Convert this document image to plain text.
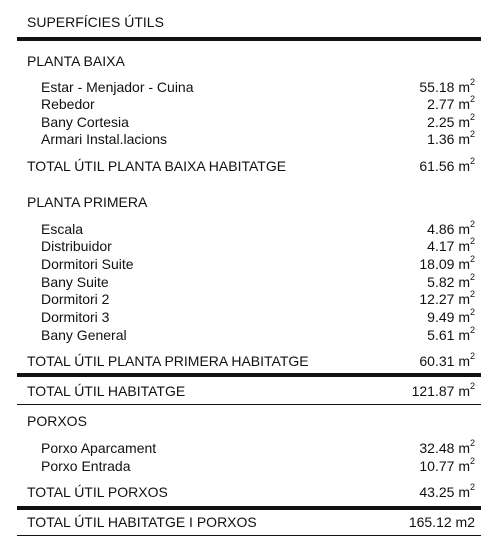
SUPERFÍCIES ÚTILS
PLANTA BAIXA
Estar - Menjador - Cuina	55.18 $m^2$
Rebedor	2.77 $m^2$
Bany Cortesia	2.25 $m^2$
Armari Instal.lacions	1.36 $m^2$
TOTAL ÚTIL PLANTA BAIXA HABITATGE	61.56 $m^2$
PLANTA PRIMERA
Escala	4.86 $m^2$
Distribuidor	4.17 $m^2$
Dormitori Suite	18.09 $m^2$
Bany Suite	5.82 $m^2$
Dormitori 2	12.27 $m^2$
Dormitori 3	9.49 $m^2$
Bany General	5.61 $m^2$
TOTAL ÚTIL PLANTA PRIMERA HABITATGE	60.31 $m^2$
TOTAL ÚTIL HABITATGE	121.87 $m^2$
PORXOS
Porxo Aparcament	32.48 $m^2$
Porxo Entrada	10.77 $m^2$
TOTAL ÚTIL PORXOS	43.25 $m^2$
TOTAL ÚTIL HABITATGE I PORXOS	165.12 m2
